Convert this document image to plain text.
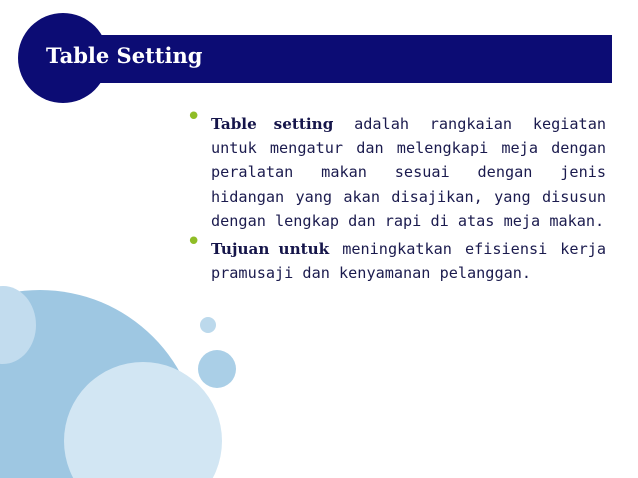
Table Setting
• Table setting adalah rangkaian kegiatan untuk mengatur dan melengkapi meja dengan peralatan makan sesuai dengan jenis hidangan yang akan disajikan, yang disusun dengan lengkap dan rapi di atas meja makan.
• Tujuan untuk meningkatkan efisiensi kerja pramusaji dan kenyamanan pelanggan.
